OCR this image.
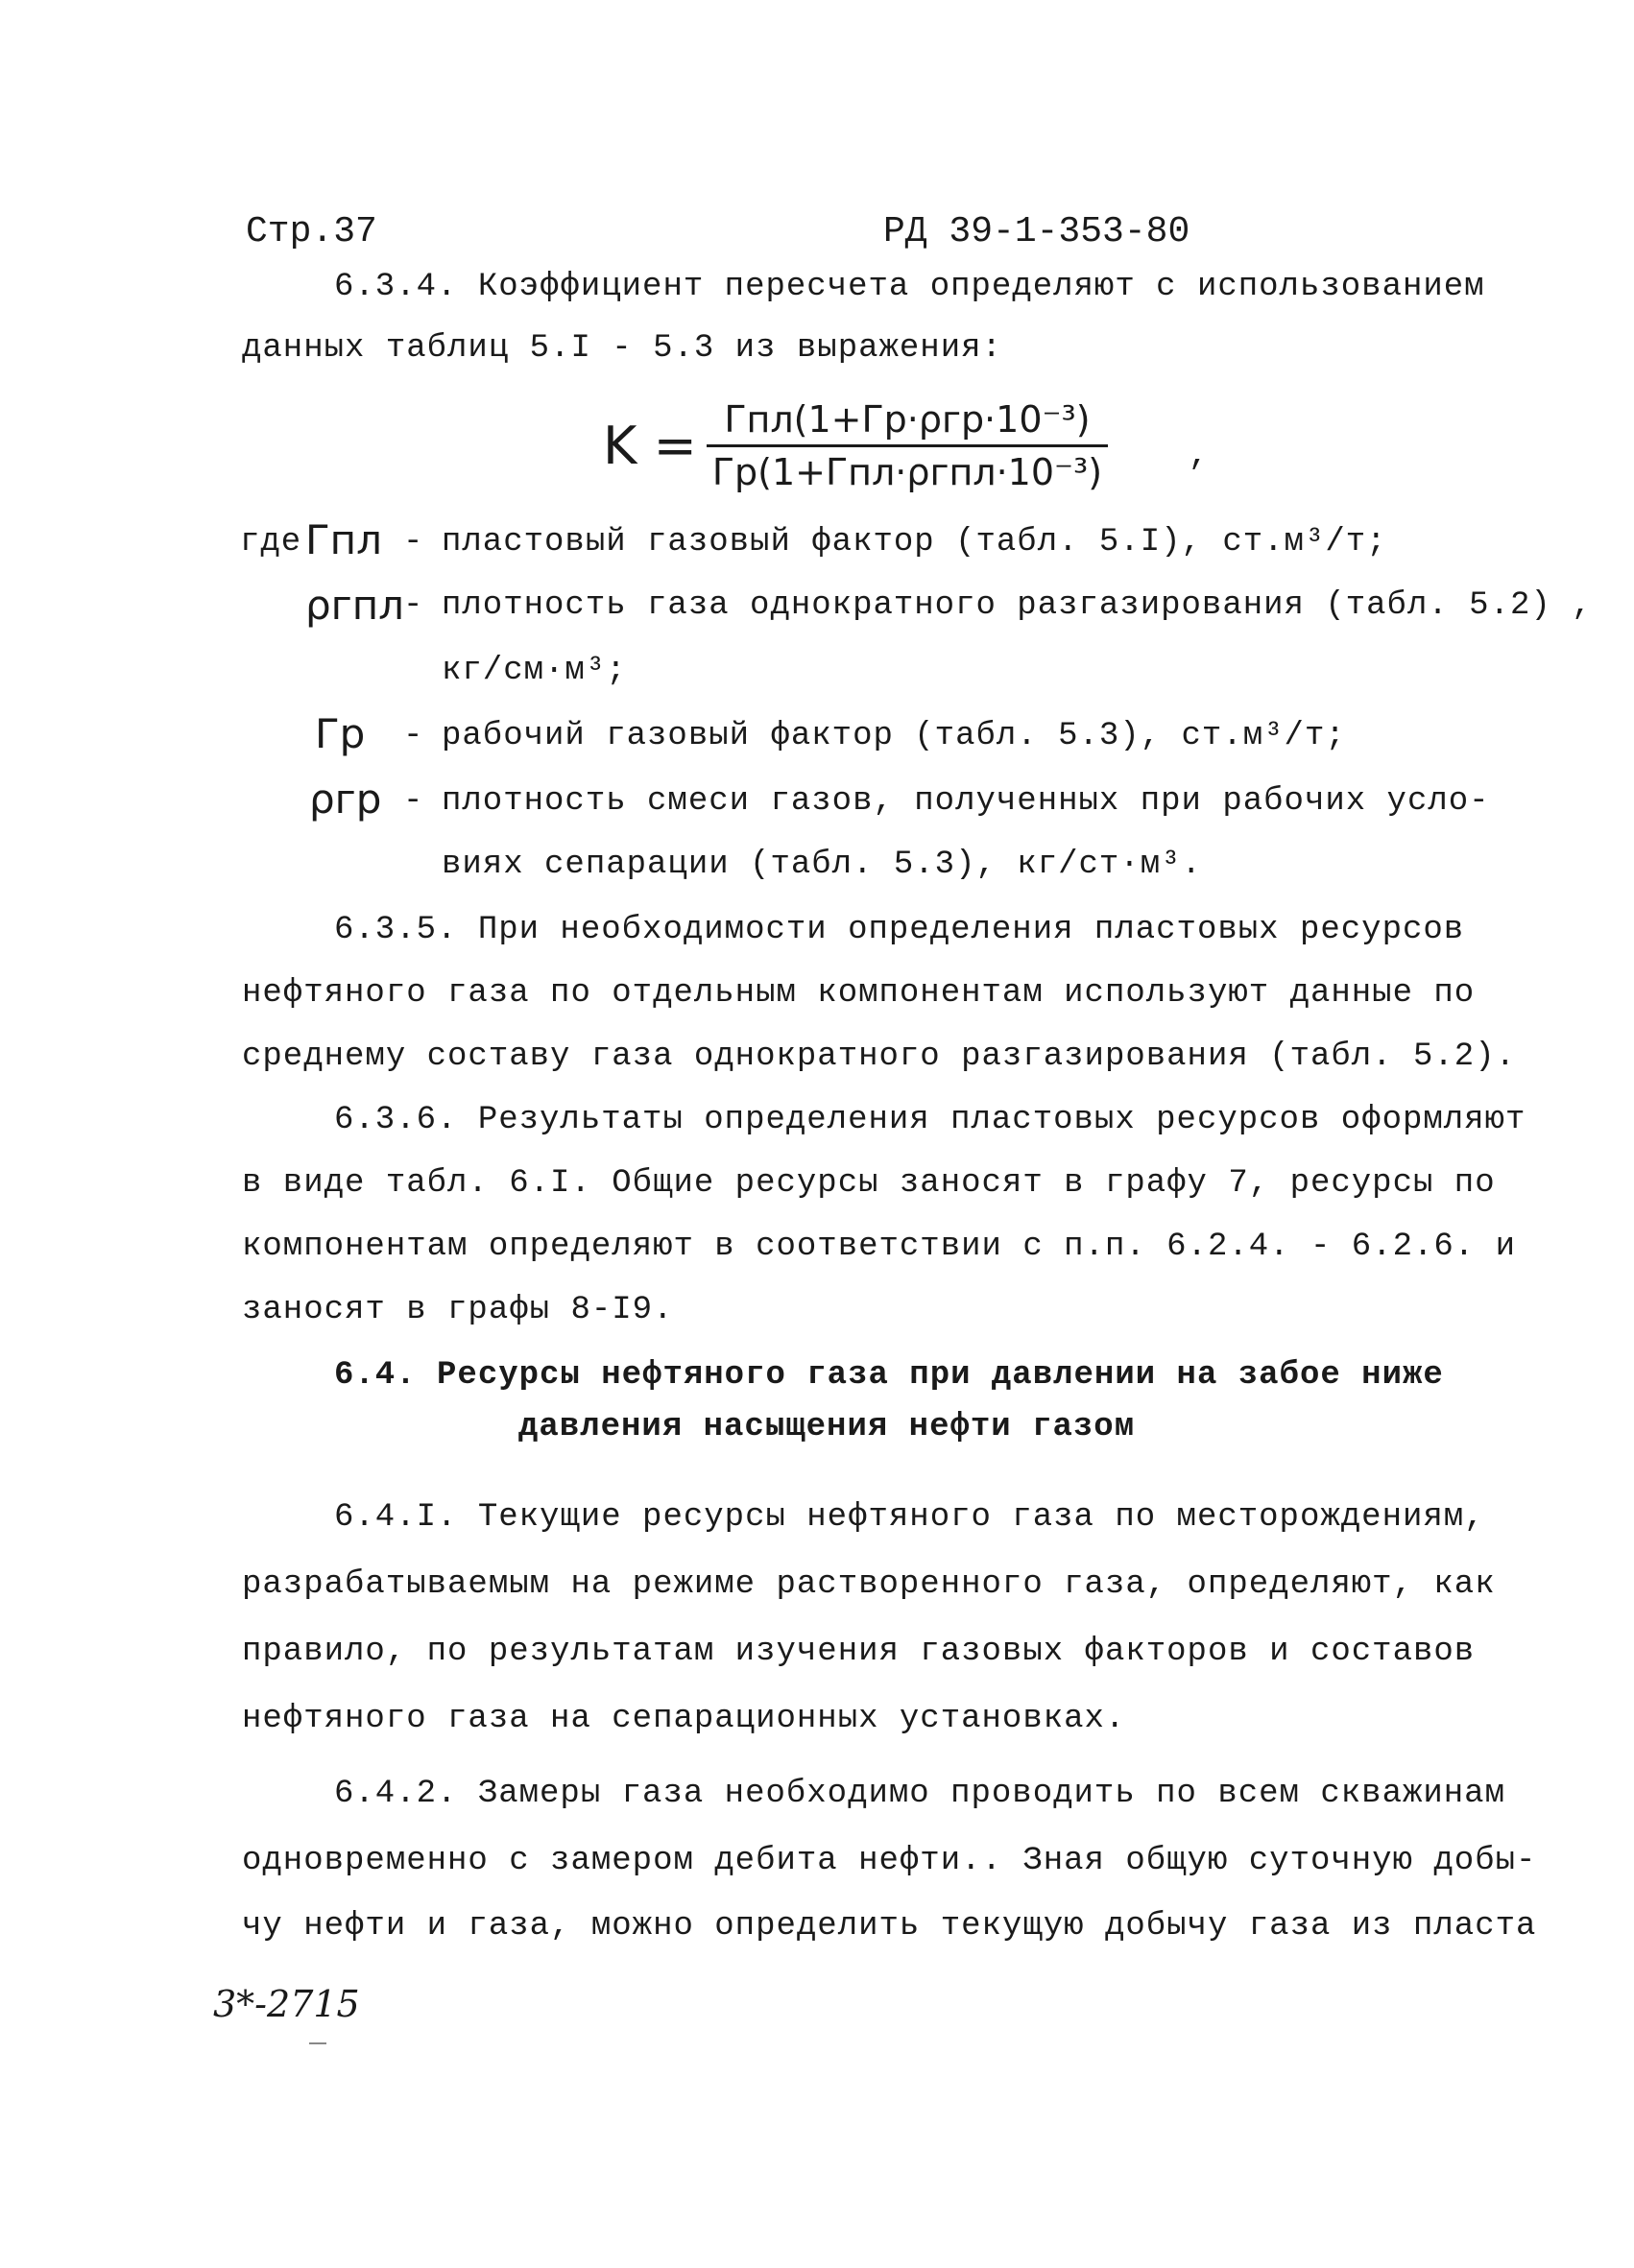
Стр.37	РД 39-1-353-80
6.3.4. Коэффициент пересчета определяют с использованием
данных таблиц 5.I - 5.3 из выражения:
$K = \frac{\text{Гпл(1+Гр·ρгр·10⁻³)}}{\text{Гр(1+Гпл·ρгпл·10⁻³)}}$ ,
где Гпл - пластовый газовый фактор (табл. 5.I), ст.м³/т;
ρгпл
- плотность газа однократного разгазирования (табл. 5.2) ,
кг/см·м³;
Гр - рабочий газовый фактор (табл. 5.3), ст.м³/т;
ρгр - плотность смеси газов, полученных при рабочих усло-
виях сепарации (табл. 5.3), кг/ст·м³.
6.3.5. При необходимости определения пластовых ресурсов
нефтяного газа по отдельным компонентам используют данные по
среднему составу газа однократного разгазирования (табл. 5.2).
6.3.6. Результаты определения пластовых ресурсов оформляют
в виде табл. 6.I. Общие ресурсы заносят в графу 7, ресурсы по
компонентам определяют в соответствии с п.п. 6.2.4. - 6.2.6. и
заносят в графы 8-I9.
6.4. Ресурсы нефтяного газа при давлении на забое ниже
давления насыщения нефти газом
6.4.I. Текущие ресурсы нефтяного газа по месторождениям,
разрабатываемым на режиме растворенного газа, определяют, как
правило, по результатам изучения газовых факторов и составов
нефтяного газа на сепарационных установках.
6.4.2. Замеры газа необходимо проводить по всем скважинам
одновременно с замером дебита нефти.. Зная общую суточную добы-
чу нефти и газа, можно определить текущую добычу газа из пласта
3*-2715
